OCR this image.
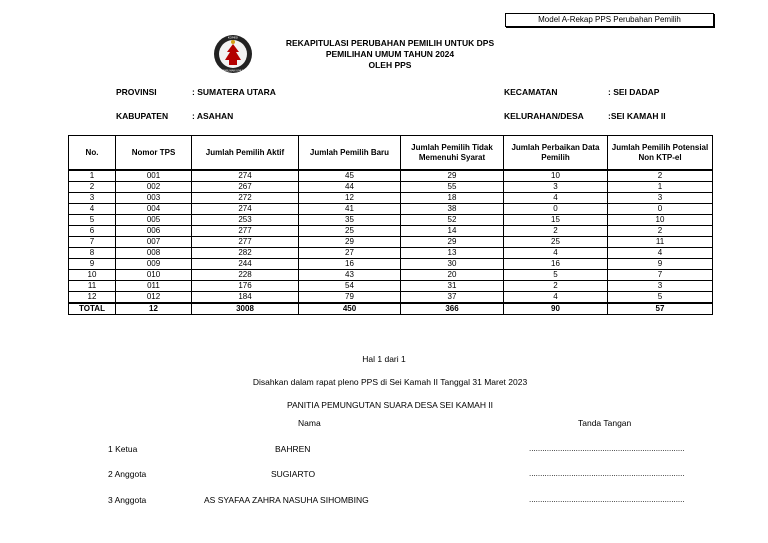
Model A-Rekap PPS Perubahan Pemilih
KOMISI
PEMILIHAN UMUM
REKAPITULASI PERUBAHAN PEMILIH UNTUK DPS
PEMILIHAN UMUM TAHUN 2024
OLEH PPS
PROVINSI	: SUMATERA UTARA
KABUPATEN	: ASAHAN
KECAMATAN	: SEI DADAP
KELURAHAN/DESA	:SEI KAMAH II
No.	Nomor TPS	Jumlah Pemilih Aktif	Jumlah Pemilih Baru	Jumlah Pemilih Tidak Memenuhi Syarat	Jumlah Perbaikan Data Pemilih	Jumlah Pemilih Potensial Non KTP-el
1	001	274	45	29	10	2
2	002	267	44	55	3	1
3	003	272	12	18	4	3
4	004	274	41	38	0	0
5	005	253	35	52	15	10
6	006	277	25	14	2	2
7	007	277	29	29	25	11
8	008	282	27	13	4	4
9	009	244	16	30	16	9
10	010	228	43	20	5	7
11	011	176	54	31	2	3
12	012	184	79	37	4	5
TOTAL	12	3008	450	366	90	57
Hal 1 dari 1
Disahkan dalam rapat pleno PPS di Sei Kamah II Tanggal 31 Maret 2023
PANITIA PEMUNGUTAN SUARA DESA SEI KAMAH II
Nama	Tanda Tangan
1 Ketua	BAHREN	......................................................................
2 Anggota	SUGIARTO	......................................................................
3 Anggota	AS SYAFAA ZAHRA NASUHA SIHOMBING	......................................................................
